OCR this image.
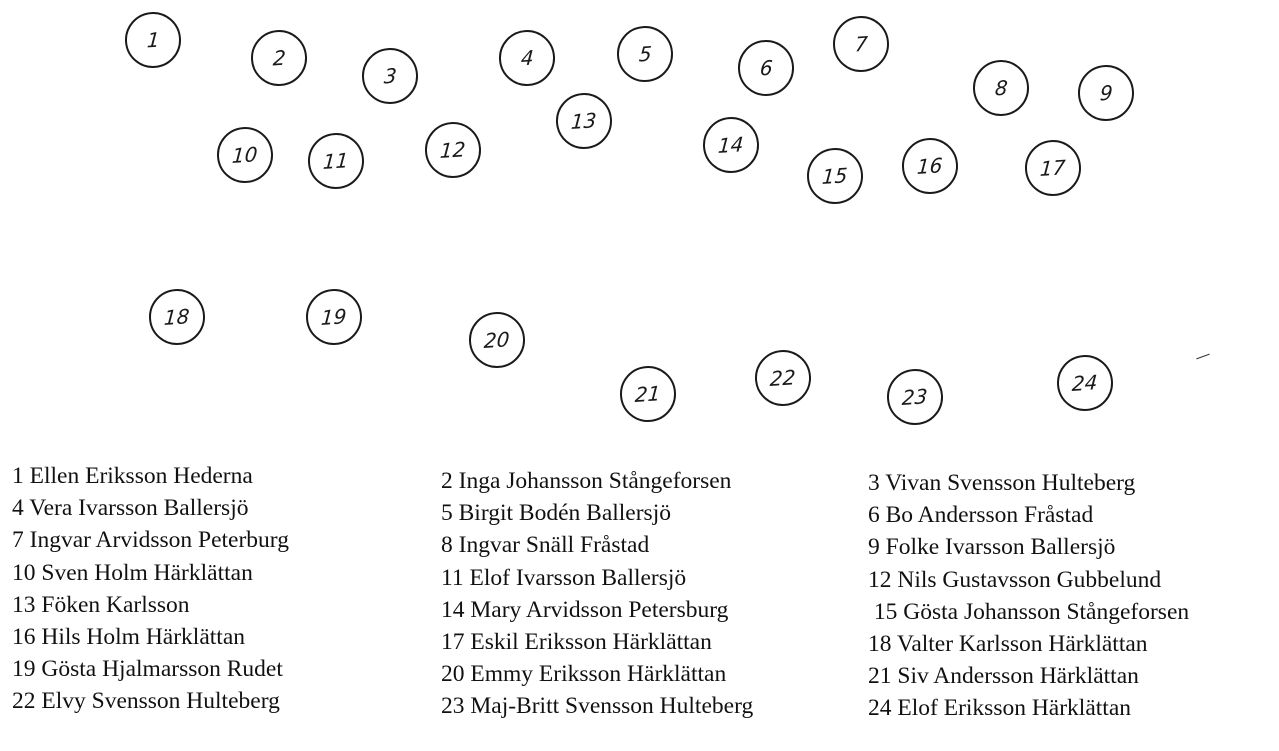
1
2
3
4	5
6
7
8	9
10	11	12
13
14
15	16	17
18	19
20
21
22
23
24
1 Ellen Eriksson Hederna
4 Vera Ivarsson Ballersjö
7 Ingvar Arvidsson Peterburg
10 Sven Holm Härklättan
13 Föken Karlsson
16 Hils Holm Härklättan
19 Gösta Hjalmarsson Rudet
22 Elvy Svensson Hulteberg
2 Inga Johansson Stångeforsen
5 Birgit Bodén Ballersjö
8 Ingvar Snäll Fråstad
11 Elof Ivarsson Ballersjö
14 Mary Arvidsson Petersburg
17 Eskil Eriksson Härklättan
20 Emmy Eriksson Härklättan
23 Maj-Britt Svensson Hulteberg
3 Vivan Svensson Hulteberg
6 Bo Andersson Fråstad
9 Folke Ivarsson Ballersjö
12 Nils Gustavsson Gubbelund
15 Gösta Johansson Stångeforsen
18 Valter Karlsson Härklättan
21 Siv Andersson Härklättan
24 Elof Eriksson Härklättan
